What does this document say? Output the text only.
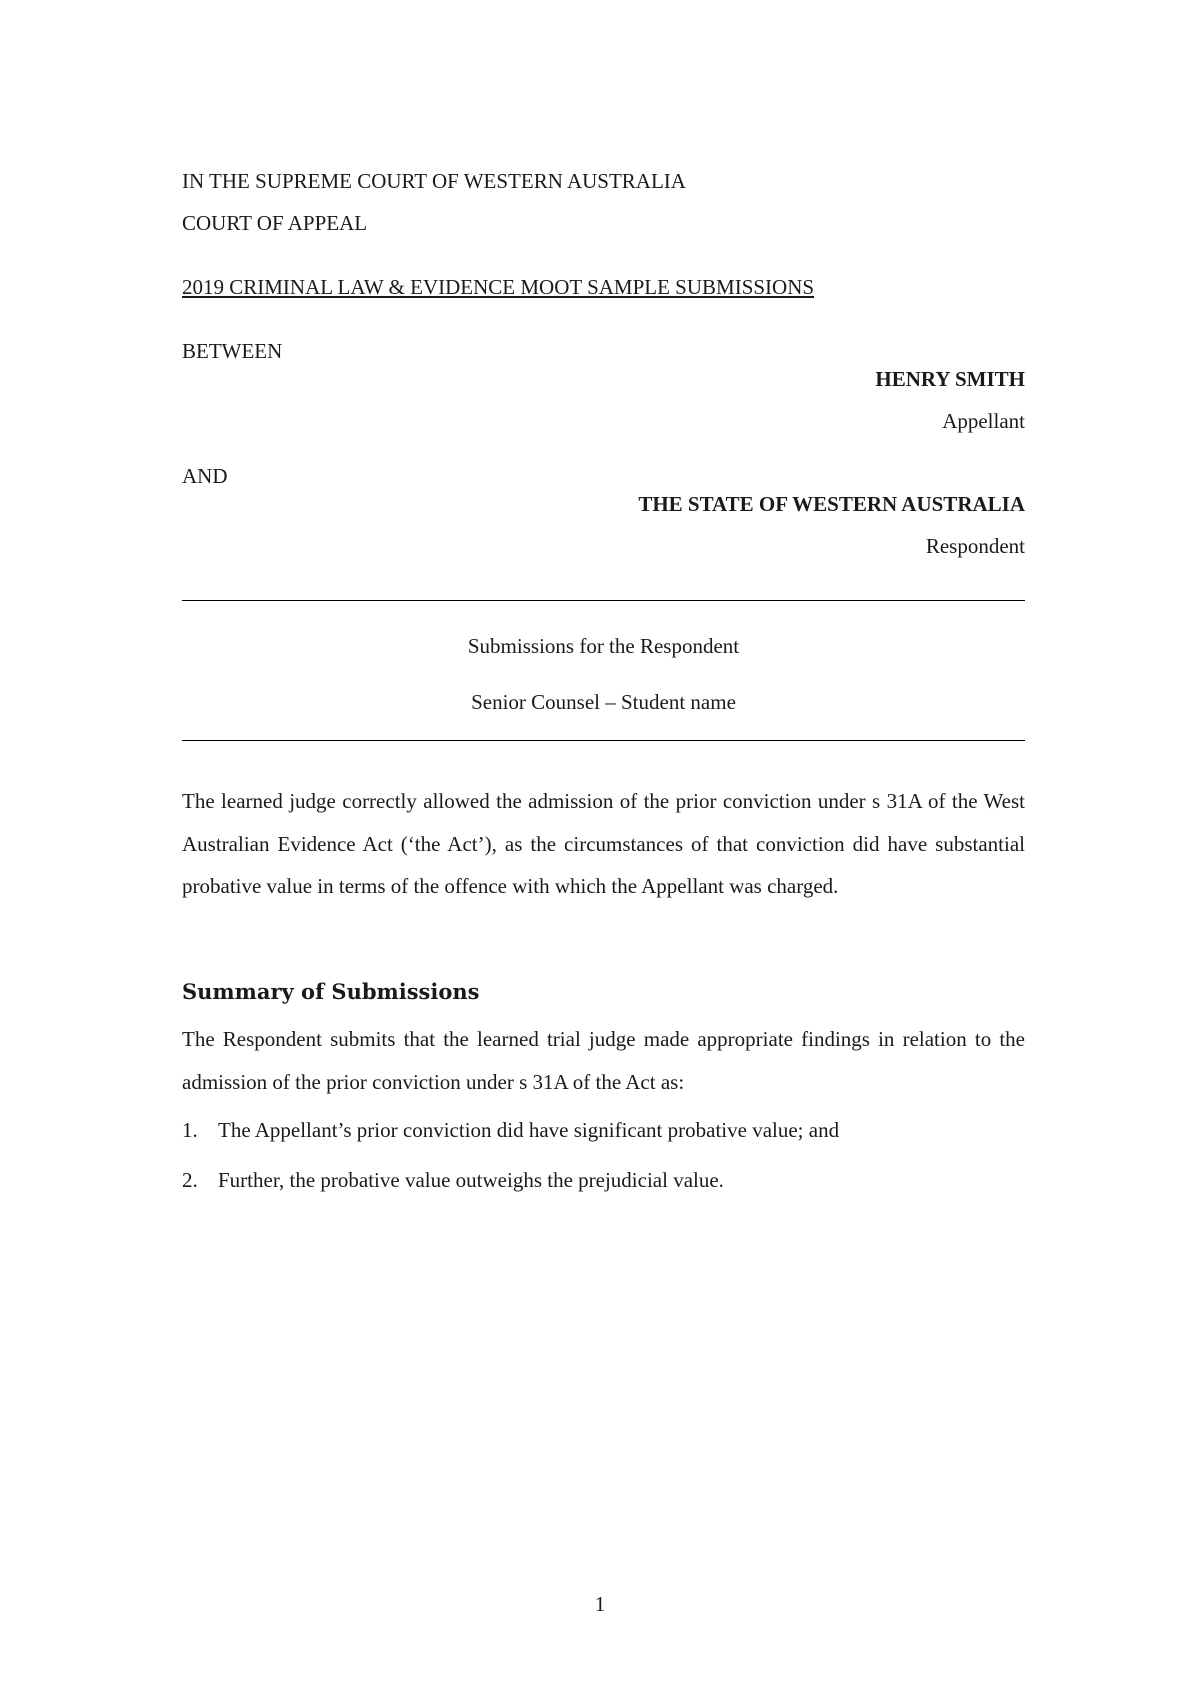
IN THE SUPREME COURT OF WESTERN AUSTRALIA
COURT OF APPEAL
2019 CRIMINAL LAW & EVIDENCE MOOT SAMPLE SUBMISSIONS
BETWEEN
HENRY SMITH
Appellant
AND
THE STATE OF WESTERN AUSTRALIA
Respondent
Submissions for the Respondent
Senior Counsel – Student name
The learned judge correctly allowed the admission of the prior conviction under s 31A of the West Australian Evidence Act (‘the Act’), as the circumstances of that conviction did have substantial probative value in terms of the offence with which the Appellant was charged.
Summary of Submissions
The Respondent submits that the learned trial judge made appropriate findings in relation to the admission of the prior conviction under s 31A of the Act as:
1. The Appellant’s prior conviction did have significant probative value; and
2. Further, the probative value outweighs the prejudicial value.
1
